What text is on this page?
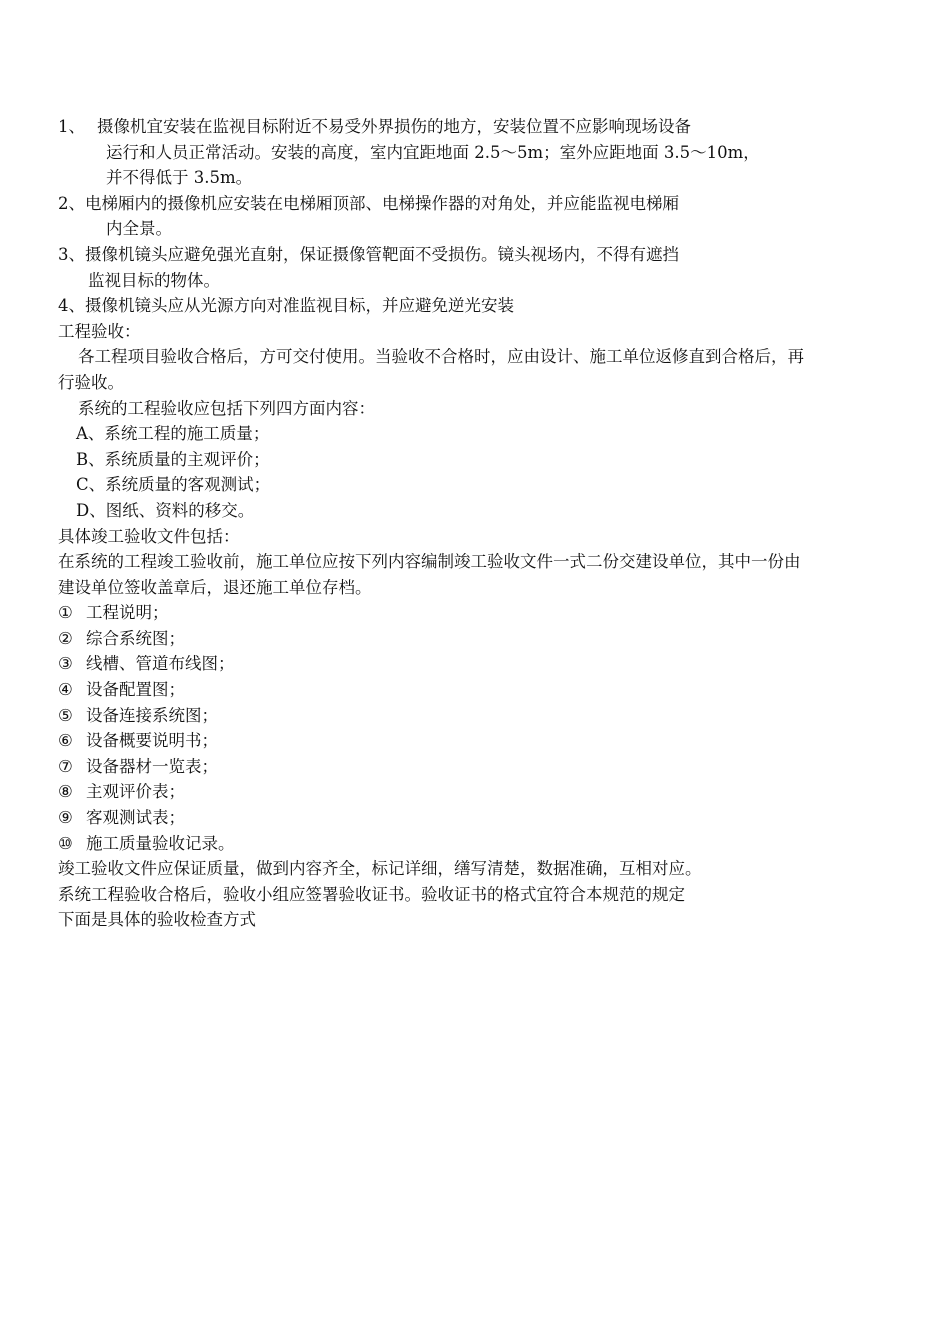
1、 摄像机宜安装在监视目标附近不易受外界损伤的地方，安装位置不应影响现场设备
运行和人员正常活动。安装的高度，室内宜距地面 2.5～5m；室外应距地面 3.5～10m，
并不得低于 3.5m。
2、电梯厢内的摄像机应安装在电梯厢顶部、电梯操作器的对角处，并应能监视电梯厢
内全景。
3、摄像机镜头应避免强光直射，保证摄像管靶面不受损伤。镜头视场内，不得有遮挡
监视目标的物体。
4、摄像机镜头应从光源方向对准监视目标，并应避免逆光安装
工程验收：
各工程项目验收合格后，方可交付使用。当验收不合格时，应由设计、施工单位返修直到合格后，再
行验收。
系统的工程验收应包括下列四方面内容：
A、系统工程的施工质量；
B、系统质量的主观评价；
C、系统质量的客观测试；
D、图纸、资料的移交。
具体竣工验收文件包括：
在系统的工程竣工验收前，施工单位应按下列内容编制竣工验收文件一式二份交建设单位，其中一份由
建设单位签收盖章后，退还施工单位存档。
① 工程说明；
② 综合系统图；
③ 线槽、管道布线图；
④ 设备配置图；
⑤ 设备连接系统图；
⑥ 设备概要说明书；
⑦ 设备器材一览表；
⑧ 主观评价表；
⑨ 客观测试表；
⑩ 施工质量验收记录。
竣工验收文件应保证质量，做到内容齐全，标记详细，缮写清楚，数据准确，互相对应。
系统工程验收合格后，验收小组应签署验收证书。验收证书的格式宜符合本规范的规定
下面是具体的验收检查方式
